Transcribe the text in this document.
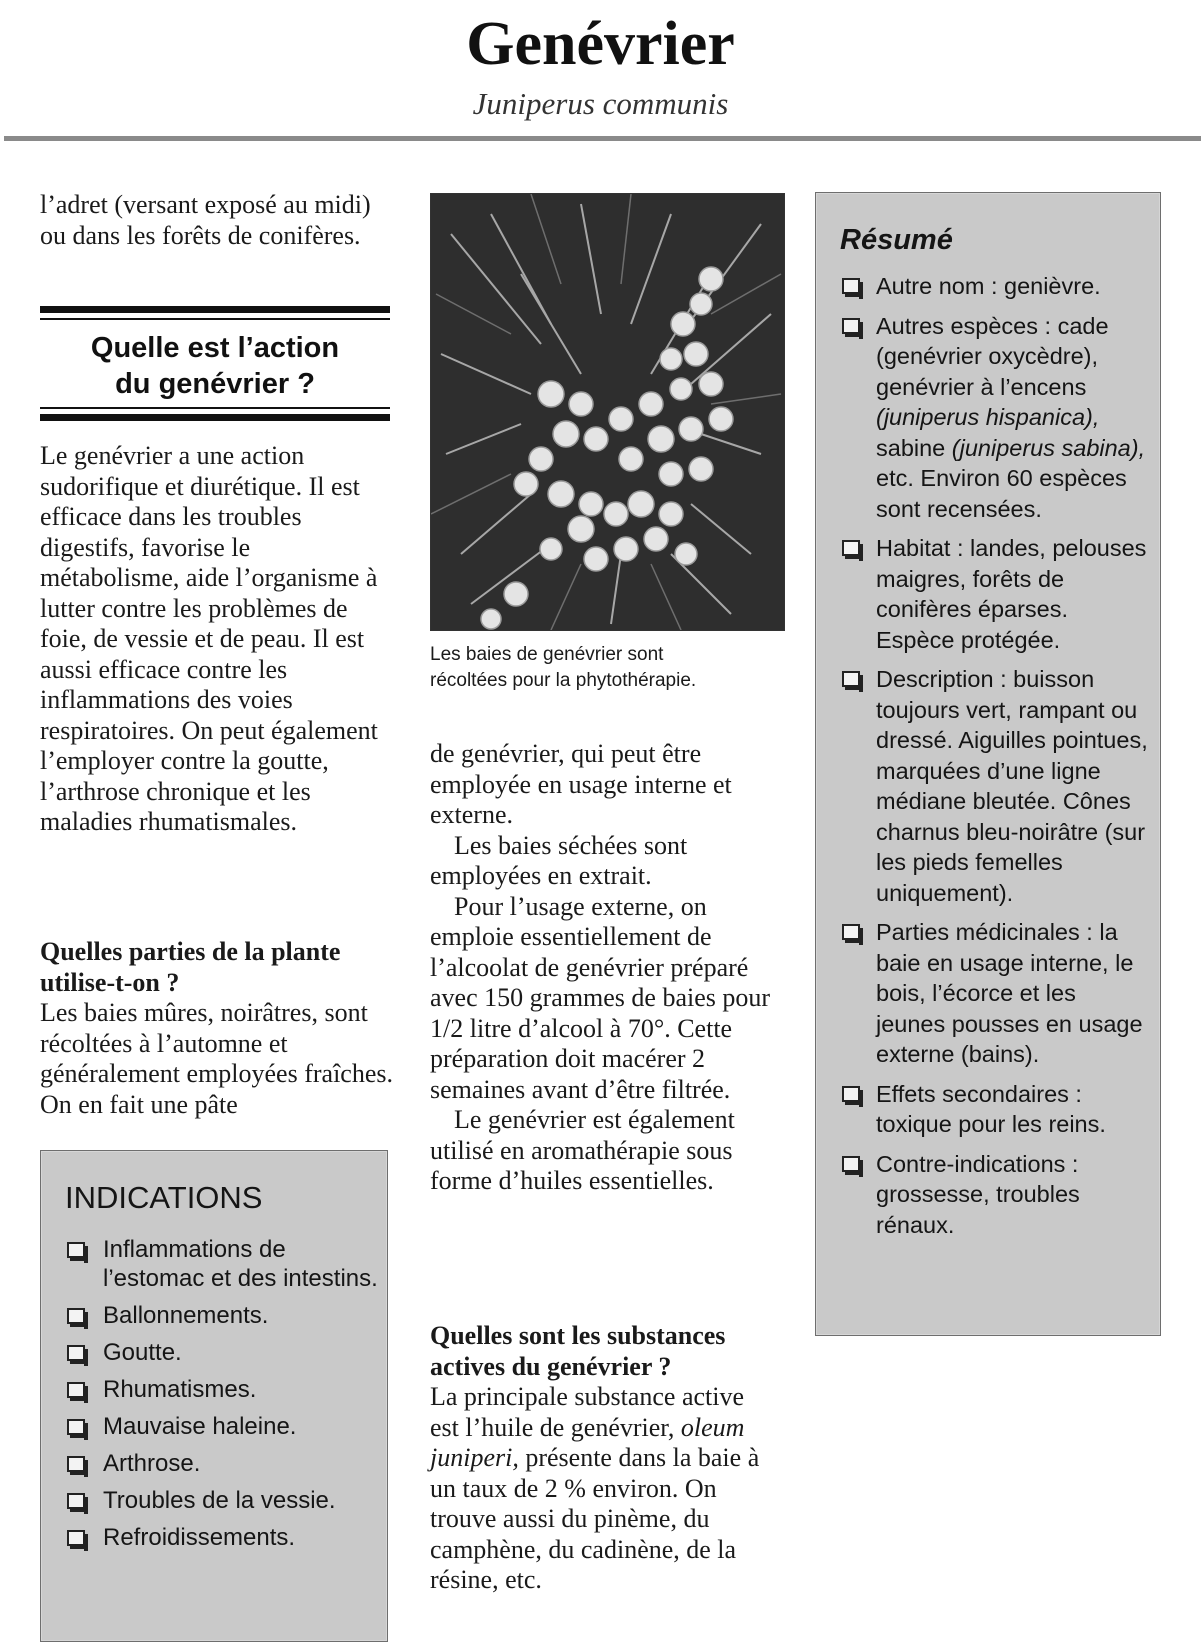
Genévrier
Juniperus communis

l’adret (versant exposé au midi) ou dans les forêts de conifères.

Quelle est l’action
du genévrier ?

Le genévrier a une action sudorifique et diurétique. Il est efficace dans les troubles digestifs, favorise le métabolisme, aide l’organisme à lutter contre les problèmes de foie, de vessie et de peau. Il est aussi efficace contre les inflammations des voies respiratoires. On peut également l’employer contre la goutte, l’arthrose chronique et les maladies rhumatismales.

Quelles parties de la plante utilise-t-on ?

Les baies mûres, noirâtres, sont récoltées à l’automne et généralement employées fraîches. On en fait une pâte

INDICATIONS
Inflammations de l’estomac et des intestins.
Ballonnements.
Goutte.
Rhumatismes.
Mauvaise haleine.
Arthrose.
Troubles de la vessie.
Refroidissements.
Les baies de genévrier sont
récoltées pour la phytothérapie.

de genévrier, qui peut être employée en usage interne et externe.

Les baies séchées sont employées en extrait.

Pour l’usage externe, on emploie essentiellement de l’alcoolat de genévrier préparé avec 150 grammes de baies pour 1/2 litre d’alcool à 70°. Cette préparation doit macérer 2 semaines avant d’être filtrée.

Le genévrier est également utilisé en aromathérapie sous forme d’huiles essentielles.

Quelles sont les substances actives du genévrier ?

La principale substance active est l’huile de genévrier, oleum juniperi, présente dans la baie à un taux de 2 % environ. On trouve aussi du pinème, du camphène, du cadinène, de la résine, etc.

Résumé
Autre nom : genièvre.
Autres espèces : cade (genévrier oxycèdre), genévrier à l’encens (juniperus hispanica), sabine (juniperus sabina), etc. Environ 60 espèces sont recensées.
Habitat : landes, pelouses maigres, forêts de conifères éparses. Espèce protégée.
Description : buisson toujours vert, rampant ou dressé. Aiguilles pointues, marquées d’une ligne médiane bleutée. Cônes charnus bleu-noirâtre (sur les pieds femelles uniquement).
Parties médicinales : la baie en usage interne, le bois, l’écorce et les jeunes pousses en usage externe (bains).
Effets secondaires : toxique pour les reins.
Contre-indications : grossesse, troubles rénaux.
